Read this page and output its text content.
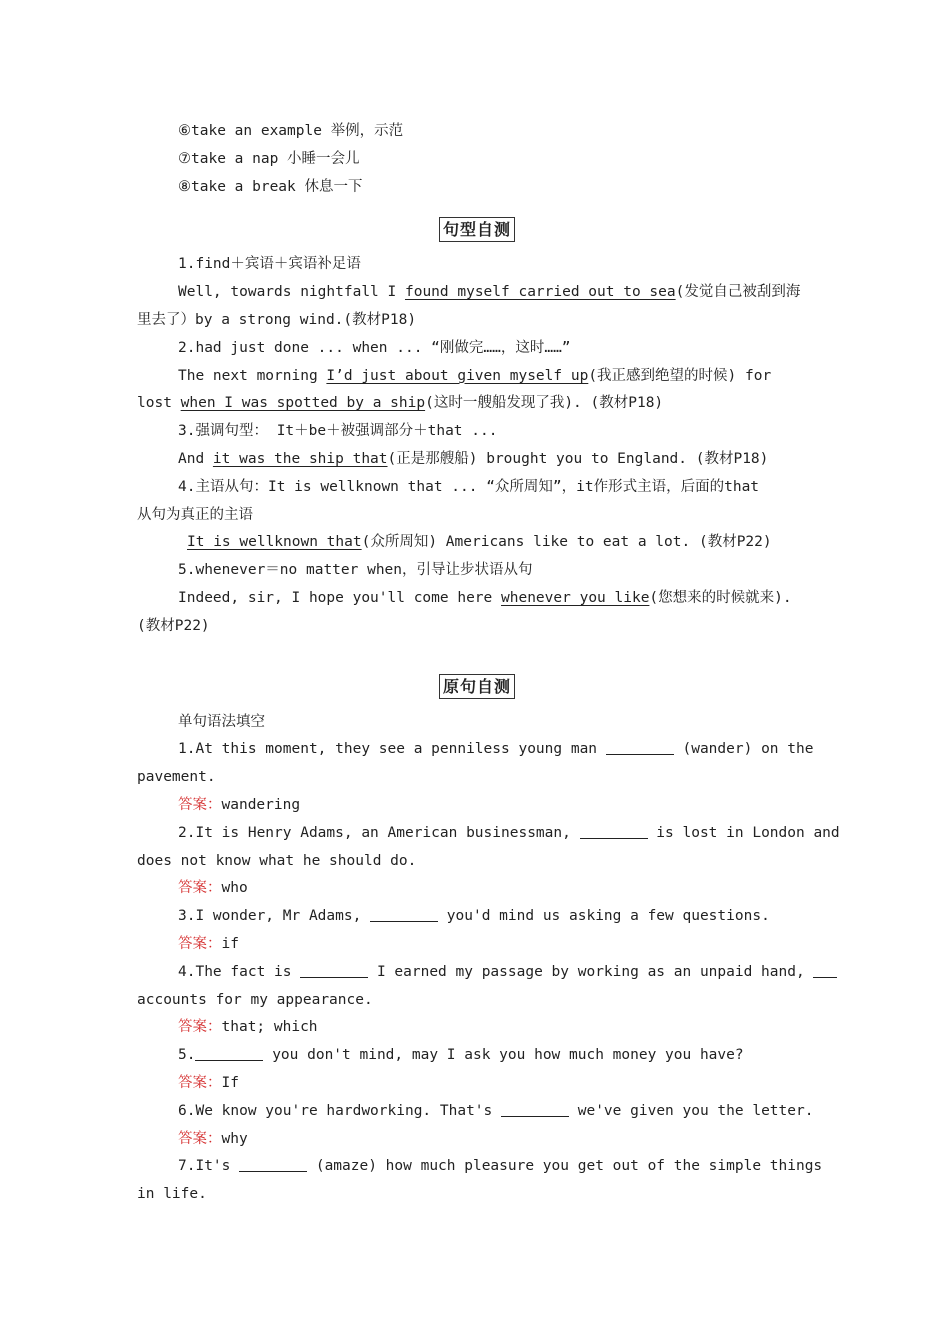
⑥take an example 举例，示范
⑦take a nap 小睡一会儿
⑧take a break 休息一下
句型自测
1.find＋宾语＋宾语补足语
Well, towards nightfall I found myself carried out to sea(发觉自己被刮到海
里去了）by a strong wind.(教材P18)
2.had just done ... when ... “刚做完……，这时……”
The next morning I’d just about given myself up(我正感到绝望的时候) for
lost when I was spotted by a ship(这时一艘船发现了我). (教材P18)
3.强调句型： It＋be＋被强调部分＋that ...
And it was the ship that(正是那艘船) brought you to England. (教材P18)
4.主语从句：It is wellknown that ... “众所周知”，it作形式主语，后面的that
从句为真正的主语
It is wellknown that(众所周知) Americans like to eat a lot. (教材P22)
5.whenever＝no matter when，引导让步状语从句
Indeed, sir, I hope you'll come here whenever you like(您想来的时候就来).
(教材P22)
原句自测
单句语法填空
1.At this moment, they see a penniless young man	(wander) on the
pavement.
答案：wandering
2.It is Henry Adams, an American businessman,	is lost in London and
does not know what he should do.
答案：who
3.I wonder, Mr Adams,	you'd mind us asking a few questions.
答案：if
4.The fact is	I earned my passage by working as an unpaid hand,
accounts for my appearance.
答案：that; which
5.	you don't mind, may I ask you how much money you have?
答案：If
6.We know you're hardworking. That's	we've given you the letter.
答案：why
7.It's	(amaze) how much pleasure you get out of the simple things
in life.
